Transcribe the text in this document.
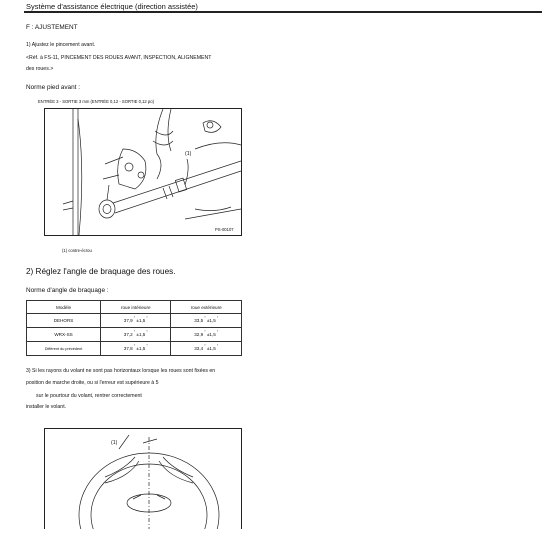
Système d'assistance électrique (direction assistée)
F : AJUSTEMENT
1) Ajustez le pincement avant.
<Réf. à FS-11, PINCEMENT DES ROUES AVANT, INSPECTION, ALIGNEMENT
des roues.>
Norme pied avant :
ENTRÉE 3 - SORTIE 3 mm (ENTRÉE 0,12 - SORTIE 0,12 po)
(1)
PS-00107
(1) contre-écrou
2) Réglez l'angle de braquage des roues.
Norme d'angle de braquage :
Modèle	roue intérieure	roue extérieure
DEHORS	37,9° ±1,5°	33,5° ±1,5°
WRX-SS	37,2° ±1,5°	32,9° ±1,5°
Différent du précédent	37,8° ±1,5°	33,4° ±1,5°
3) Si les rayons du volant ne sont pas horizontaux lorsque les roues sont fixées en
position de marche droite, ou si l'erreur est supérieure à 5
sur le pourtour du volant, rentrer correctement
installer le volant.
(1)
